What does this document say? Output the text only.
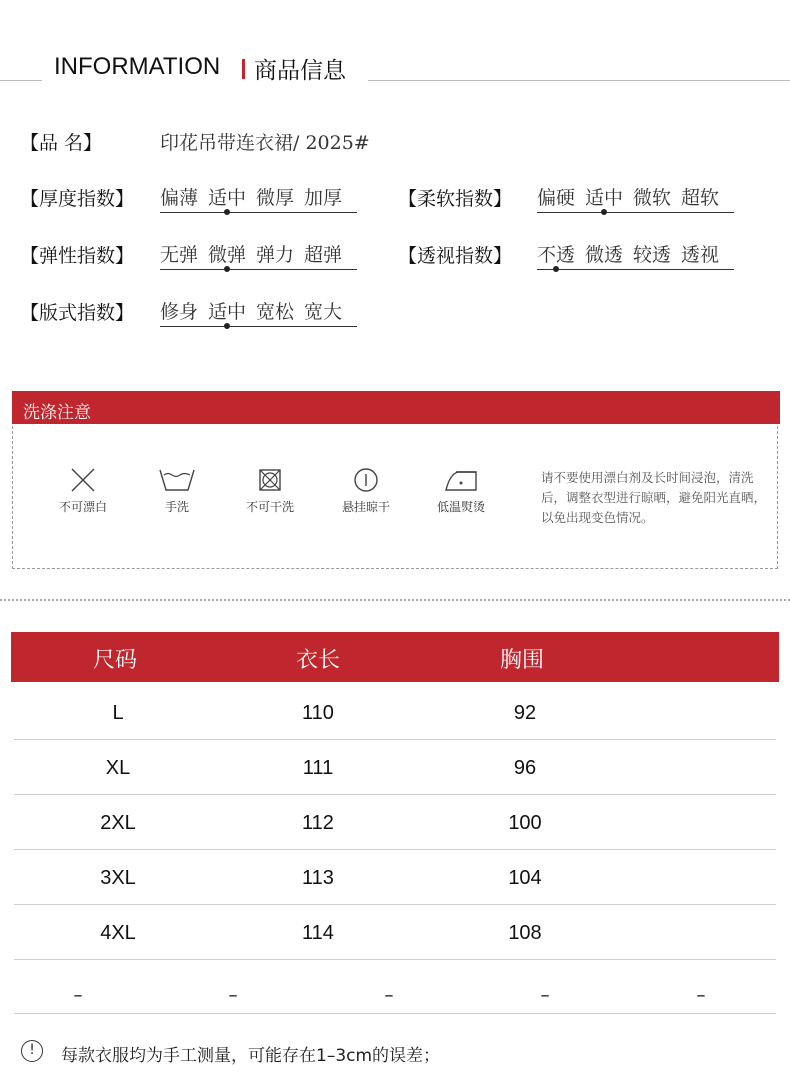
INFORMATION 商品信息
【品 名】	印花吊带连衣裙/ 2025#
【厚度指数】 偏薄 适中 微厚 加厚	【柔软指数】 偏硬 适中 微软 超软
【弹性指数】 无弹 微弹 弹力 超弹	【透视指数】 不透 微透 较透 透视
【版式指数】 修身 适中 宽松 宽大
洗涤注意
不可漂白	手洗	不可干洗	悬挂晾干	低温熨烫
请不要使用漂白剂及长时间浸泡，清洗后，调整衣型进行晾晒，避免阳光直晒，以免出现变色情况。
尺码	衣长	胸围
L	110	92
XL	111	96
2XL	112	100
3XL	113	104
4XL	114	108
–	–	–	–	–
!	每款衣服均为手工测量，可能存在1–3cm的误差；
